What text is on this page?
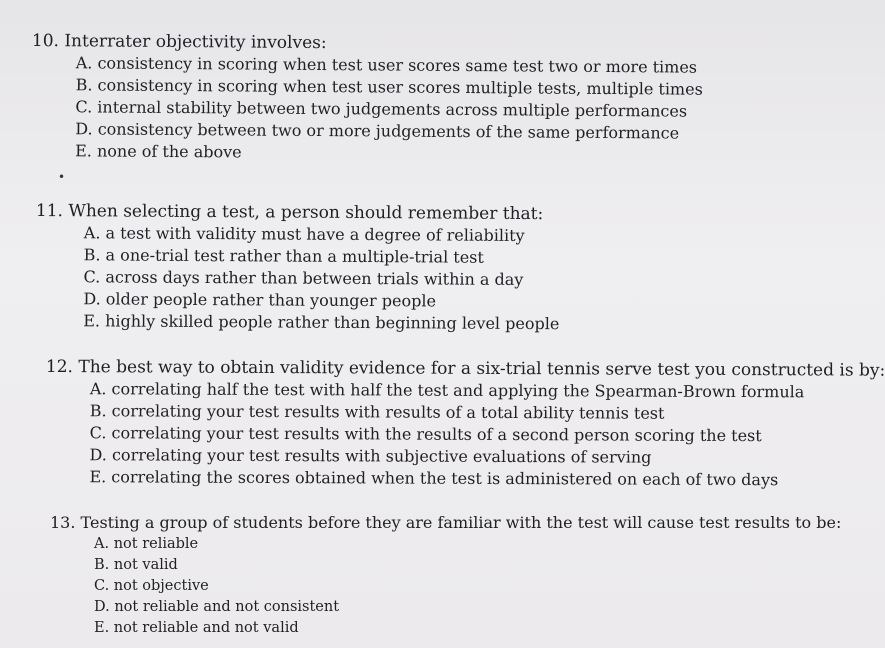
10. Interrater objectivity involves:

A. consistency in scoring when test user scores same test two or more times
B. consistency in scoring when test user scores multiple tests, multiple times
C. internal stability between two judgements across multiple performances
D. consistency between two or more judgements of the same performance
E. none of the above
•

11. When selecting a test, a person should remember that:

A. a test with validity must have a degree of reliability
B. a one-trial test rather than a multiple-trial test
C. across days rather than between trials within a day
D. older people rather than younger people
E. highly skilled people rather than beginning level people

12. The best way to obtain validity evidence for a six-trial tennis serve test you constructed is by:

A. correlating half the test with half the test and applying the Spearman-Brown formula
B. correlating your test results with results of a total ability tennis test
C. correlating your test results with the results of a second person scoring the test
D. correlating your test results with subjective evaluations of serving
E. correlating the scores obtained when the test is administered on each of two days

13. Testing a group of students before they are familiar with the test will cause test results to be:

A. not reliable
B. not valid
C. not objective
D. not reliable and not consistent
E. not reliable and not valid
